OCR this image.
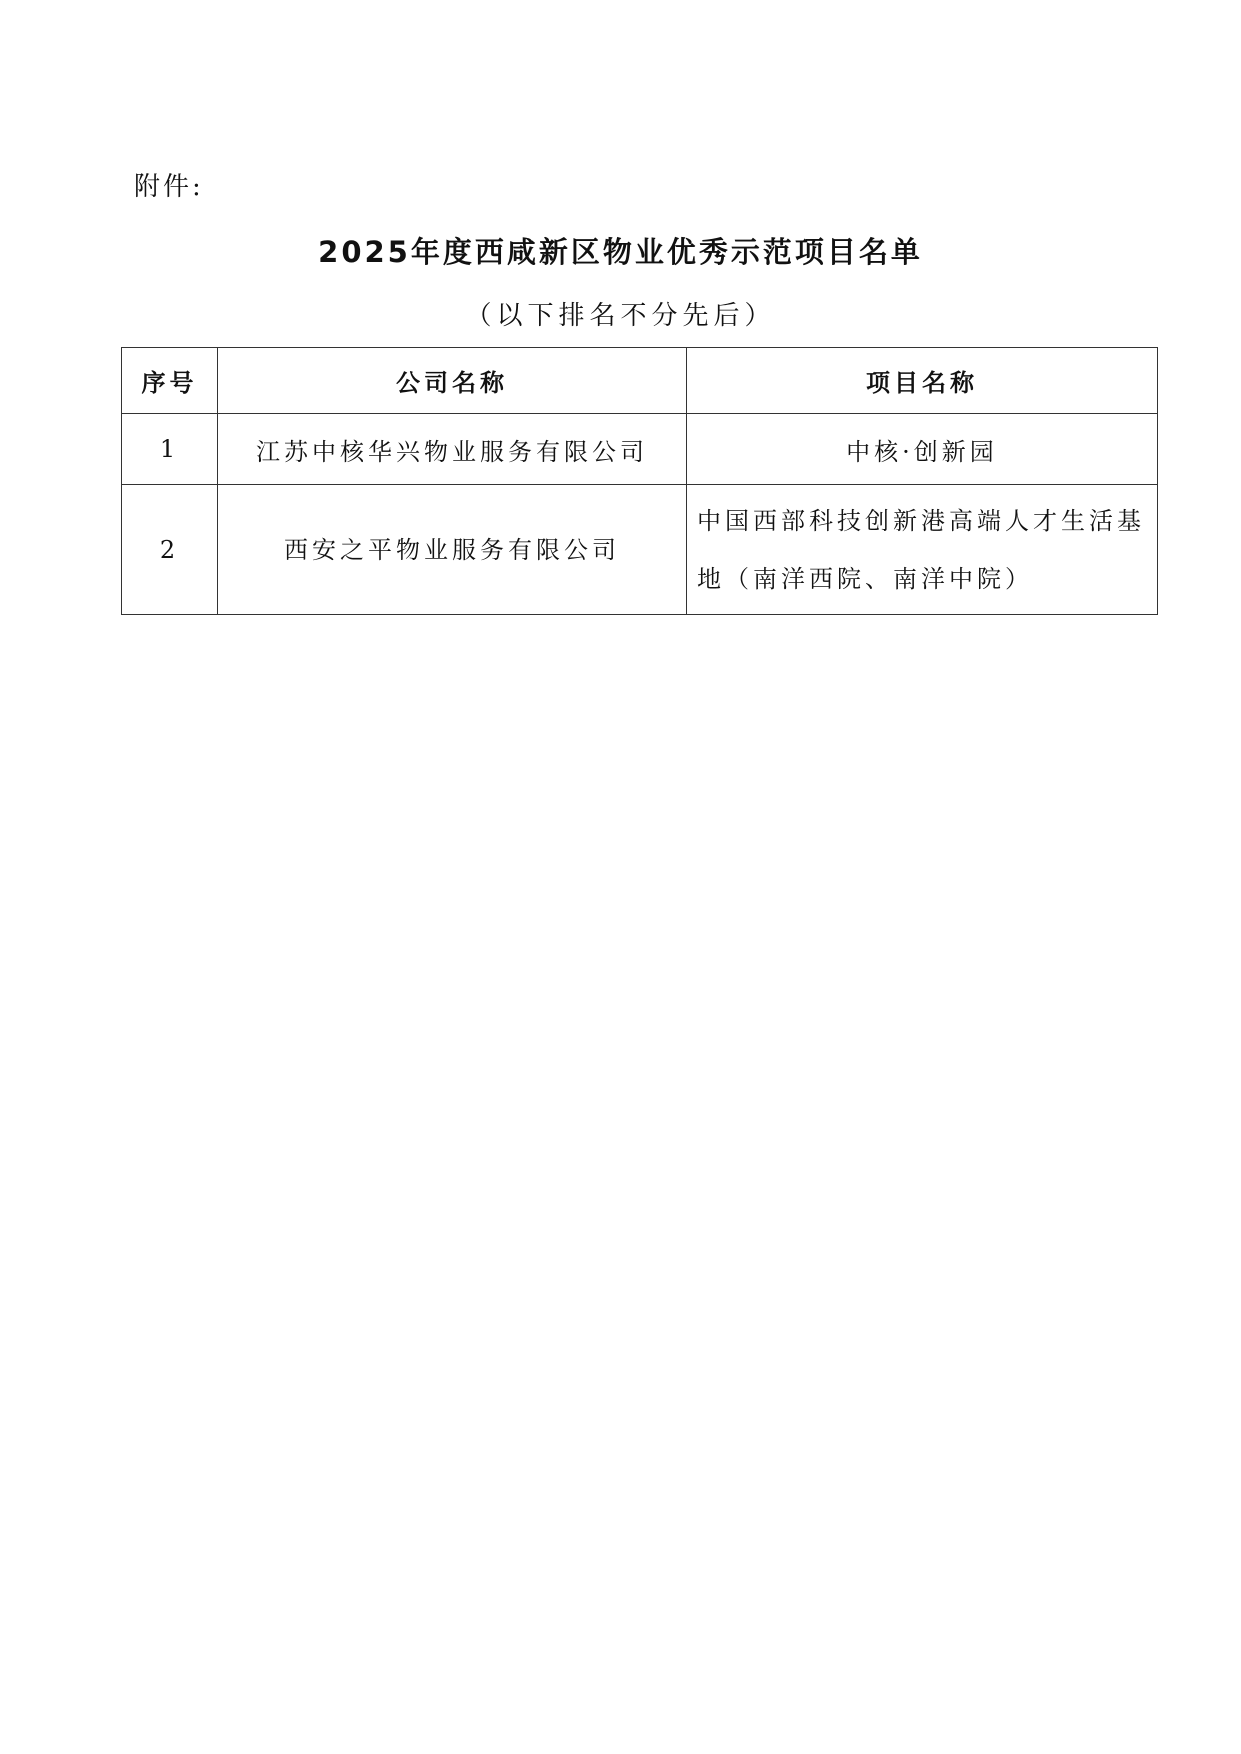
附件:
2025年度西咸新区物业优秀示范项目名单
（以下排名不分先后）
序号	公司名称	项目名称
1	江苏中核华兴物业服务有限公司	中核·创新园
2	西安之平物业服务有限公司	中国西部科技创新港高端人才生活基地（南洋西院、南洋中院）
